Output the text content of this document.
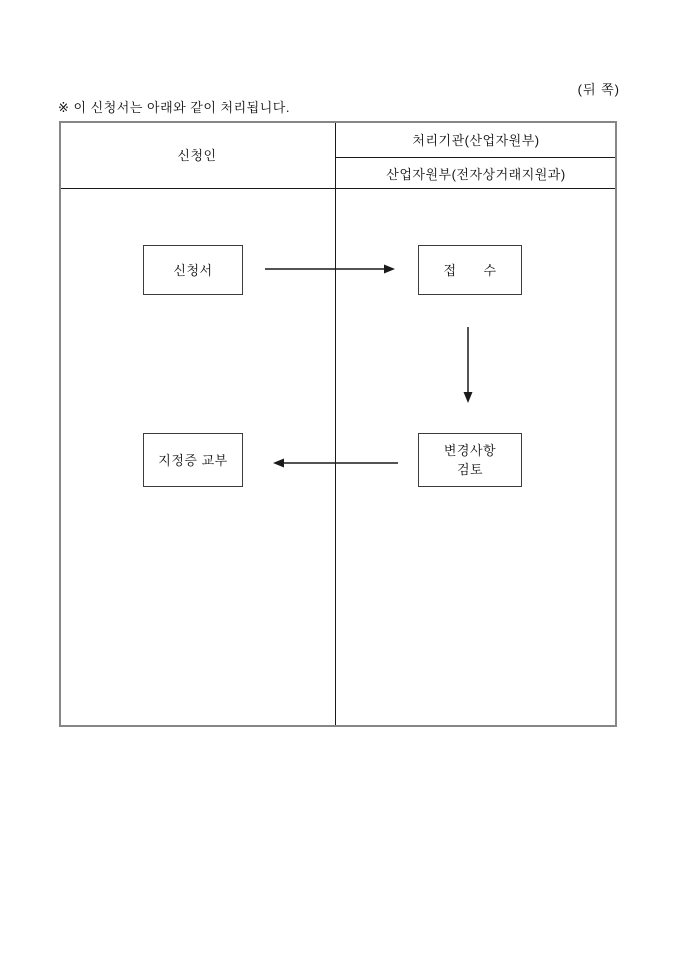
(뒤 쪽)
※ 이 신청서는 아래와 같이 처리됩니다.
신청인
처리기관(산업자원부)
산업자원부(전자상거래지원과)
신청서	접　　수
지정증 교부
변경사항
검토
